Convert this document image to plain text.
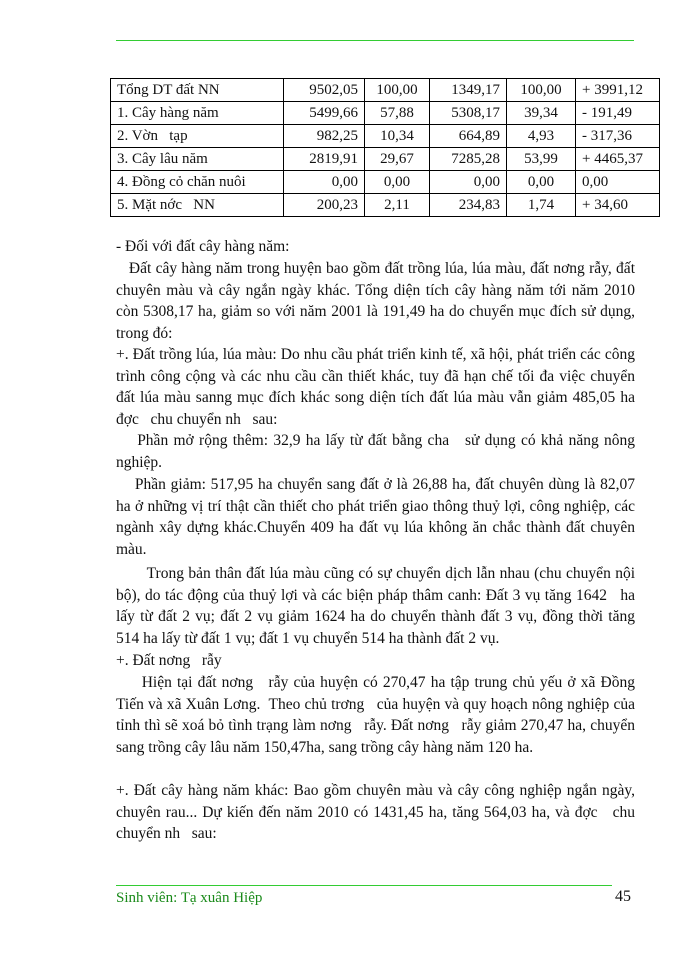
Tổng DT đất NN	9502,05	100,00	1349,17	100,00	+ 3991,12
1. Cây hàng năm	5499,66	57,88	5308,17	39,34	- 191,49
2. Vờn   tạp	982,25	10,34	664,89	4,93	- 317,36
3. Cây lâu năm	2819,91	29,67	7285,28	53,99	+ 4465,37
4. Đồng cỏ chăn nuôi	0,00	0,00	0,00	0,00	0,00
5. Mặt nớc   NN	200,23	2,11	234,83	1,74	+ 34,60
- Đối với đất cây hàng năm:
Đất cây hàng năm trong huyện bao gồm đất trồng lúa, lúa màu, đất nơng rẫy, đất chuyên màu và cây ngắn ngày khác. Tổng diện tích cây hàng năm tới năm 2010 còn 5308,17 ha, giảm so với năm 2001 là 191,49 ha do chuyển mục đích sử dụng, trong đó:
+. Đất trồng lúa, lúa màu: Do nhu cầu phát triển kinh tế, xã hội, phát triển các công trình công cộng và các nhu cầu cần thiết khác, tuy đã hạn chế tối đa việc chuyển đất lúa màu sanng mục đích khác song diện tích đất lúa màu vẫn giảm 485,05 ha đợc   chu chuyển nh   sau:
Phần mở rộng thêm: 32,9 ha lấy từ đất bằng cha   sử dụng có khả năng nông nghiệp.
Phần giảm: 517,95 ha chuyển sang đất ở là 26,88 ha, đất chuyên dùng là 82,07 ha ở những vị trí thật cần thiết cho phát triển giao thông thuỷ lợi, công nghiệp, các ngành xây dựng khác.Chuyển 409 ha đất vụ lúa không ăn chắc thành đất chuyên màu.
Trong bản thân đất lúa màu cũng có sự chuyển dịch lẫn nhau (chu chuyển nội bộ), do tác động của thuỷ lợi và các biện pháp thâm canh: Đất 3 vụ tăng 1642   ha lấy từ đất 2 vụ; đất 2 vụ giảm 1624 ha do chuyển thành đất 3 vụ, đồng thời tăng 514 ha lấy từ đất 1 vụ; đất 1 vụ chuyển 514 ha thành đất 2 vụ.
+. Đất nơng   rẫy
Hiện tại đất nơng   rẫy của huyện có 270,47 ha tập trung chủ yếu ở xã Đồng Tiến và xã Xuân Lơng.  Theo chủ trơng   của huyện và quy hoạch nông nghiệp của tỉnh thì sẽ xoá bỏ tình trạng làm nơng   rẫy. Đất nơng   rẫy giảm 270,47 ha, chuyển sang trồng cây lâu năm 150,47ha, sang trồng cây hàng năm 120 ha.
+. Đất cây hàng năm khác: Bao gồm chuyên màu và cây công nghiệp ngắn ngày, chuyên rau... Dự kiến đến năm 2010 có 1431,45 ha, tăng 564,03 ha, và đợc   chu chuyển nh   sau:
Sinh viên: Tạ xuân Hiệp	45
